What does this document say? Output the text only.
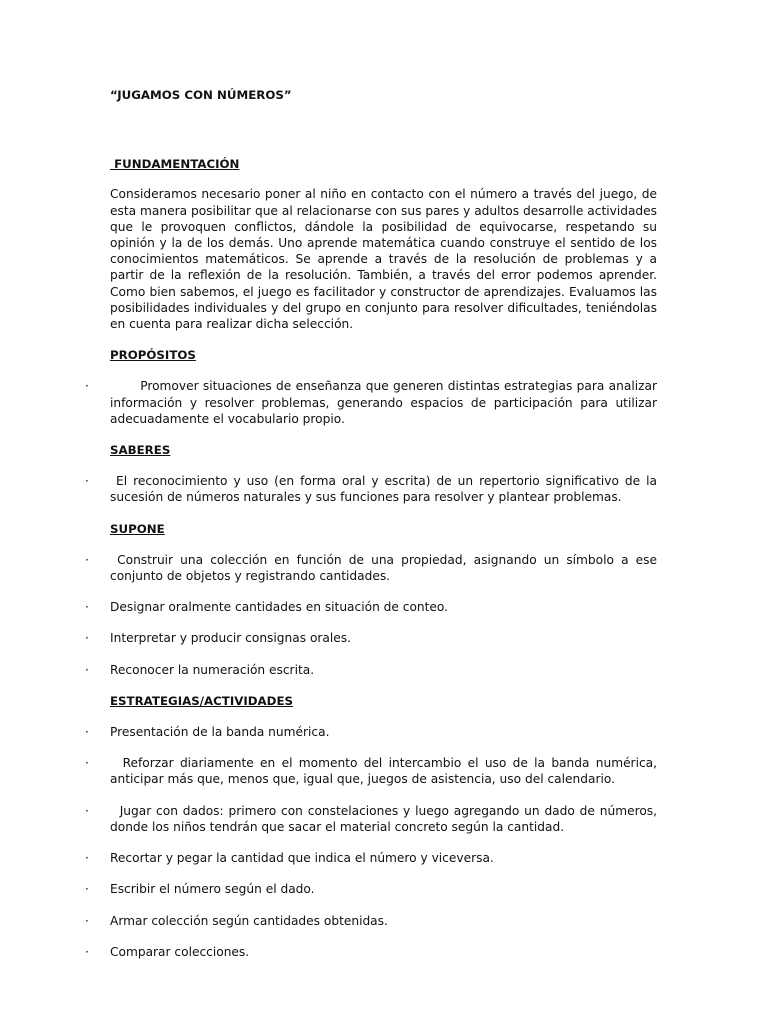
“JUGAMOS CON NÚMEROS”

FUNDAMENTACIÓN

Consideramos necesario poner al niño en contacto con el número a través del juego, de esta manera posibilitar que al relacionarse con sus pares y adultos desarrolle actividades que le provoquen conflictos, dándole la posibilidad de equivocarse, respetando su opinión y la de los demás. Uno aprende matemática cuando construye el sentido de los conocimientos matemáticos. Se aprende a través de la resolución de problemas y a partir de la reflexión de la resolución. También, a través del error podemos aprender. Como bien sabemos, el juego es facilitador y constructor de aprendizajes. Evaluamos las posibilidades individuales y del grupo en conjunto para resolver dificultades, teniéndolas en cuenta para realizar dicha selección.

PROPÓSITOS

·	Promover situaciones de enseñanza que generen distintas estrategias para analizar información y resolver problemas, generando espacios de participación para utilizar adecuadamente el vocabulario propio.

SABERES

·	El reconocimiento y uso (en forma oral y escrita) de un repertorio significativo de la sucesión de números naturales y sus funciones para resolver y plantear problemas.

SUPONE

·	Construir una colección en función de una propiedad, asignando un símbolo a ese conjunto de objetos y registrando cantidades.
·	Designar oralmente cantidades en situación de conteo.
·	Interpretar y producir consignas orales.
·	Reconocer la numeración escrita.

ESTRATEGIAS/ACTIVIDADES

·	Presentación de la banda numérica.
·	Reforzar diariamente en el momento del intercambio el uso de la banda numérica, anticipar más que, menos que, igual que, juegos de asistencia, uso del calendario.
·	Jugar con dados: primero con constelaciones y luego agregando un dado de números, donde los niños tendrán que sacar el material concreto según la cantidad.
·	Recortar y pegar la cantidad que indica el número y viceversa.
·	Escribir el número según el dado.
·	Armar colección según cantidades obtenidas.
·	Comparar colecciones.
